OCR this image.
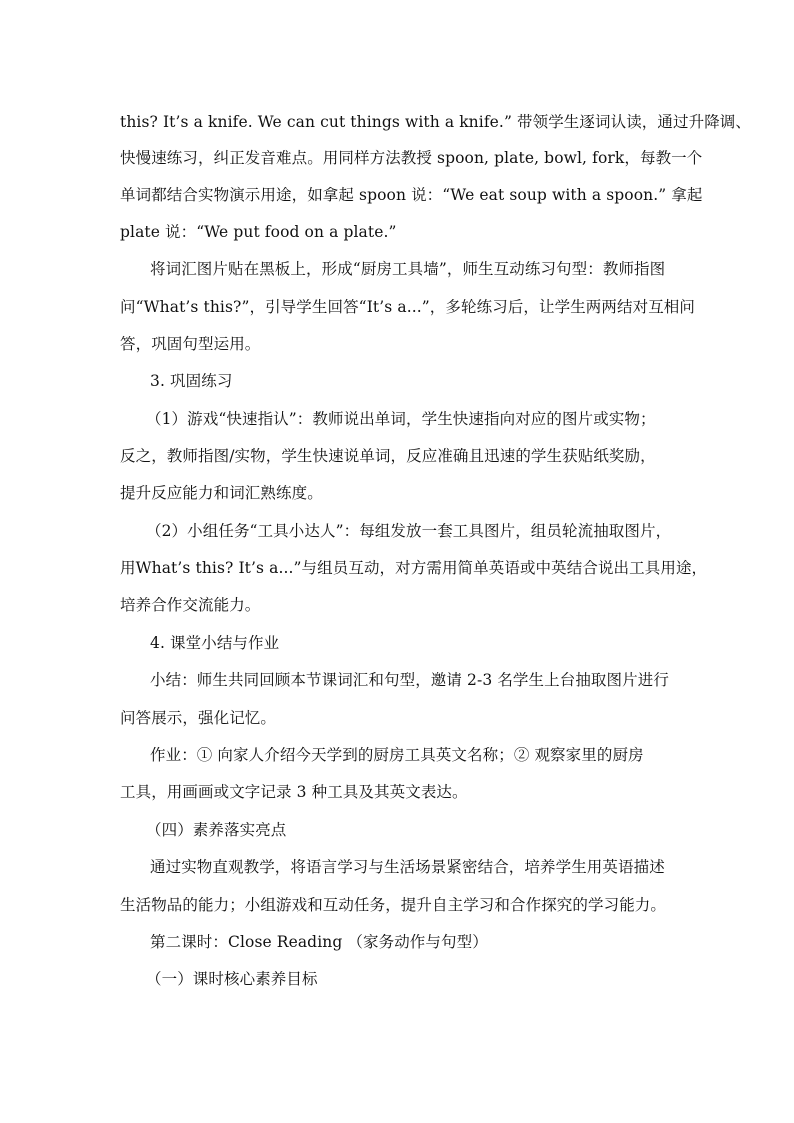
this? It’s a knife. We can cut things with a knife.” 带领学生逐词认读，通过升降调、
快慢速练习，纠正发音难点。用同样方法教授 spoon, plate, bowl, fork，每教一个
单词都结合实物演示用途，如拿起 spoon 说：“We eat soup with a spoon.” 拿起
plate 说：“We put food on a plate.”
将词汇图片贴在黑板上，形成“厨房工具墙”，师生互动练习句型：教师指图
问“What’s this?”，引导学生回答“It’s a...”，多轮练习后，让学生两两结对互相问
答，巩固句型运用。
3. 巩固练习
（1）游戏“快速指认”：教师说出单词，学生快速指向对应的图片或实物；
反之，教师指图/实物，学生快速说单词，反应准确且迅速的学生获贴纸奖励，
提升反应能力和词汇熟练度。
（2）小组任务“工具小达人”：每组发放一套工具图片，组员轮流抽取图片，
用What’s this? It’s a...”与组员互动，对方需用简单英语或中英结合说出工具用途，
培养合作交流能力。
4. 课堂小结与作业
小结：师生共同回顾本节课词汇和句型，邀请 2-3 名学生上台抽取图片进行
问答展示，强化记忆。
作业：① 向家人介绍今天学到的厨房工具英文名称；② 观察家里的厨房
工具，用画画或文字记录 3 种工具及其英文表达。
（四）素养落实亮点
通过实物直观教学，将语言学习与生活场景紧密结合，培养学生用英语描述
生活物品的能力；小组游戏和互动任务，提升自主学习和合作探究的学习能力。
第二课时：Close Reading （家务动作与句型）
（一）课时核心素养目标
